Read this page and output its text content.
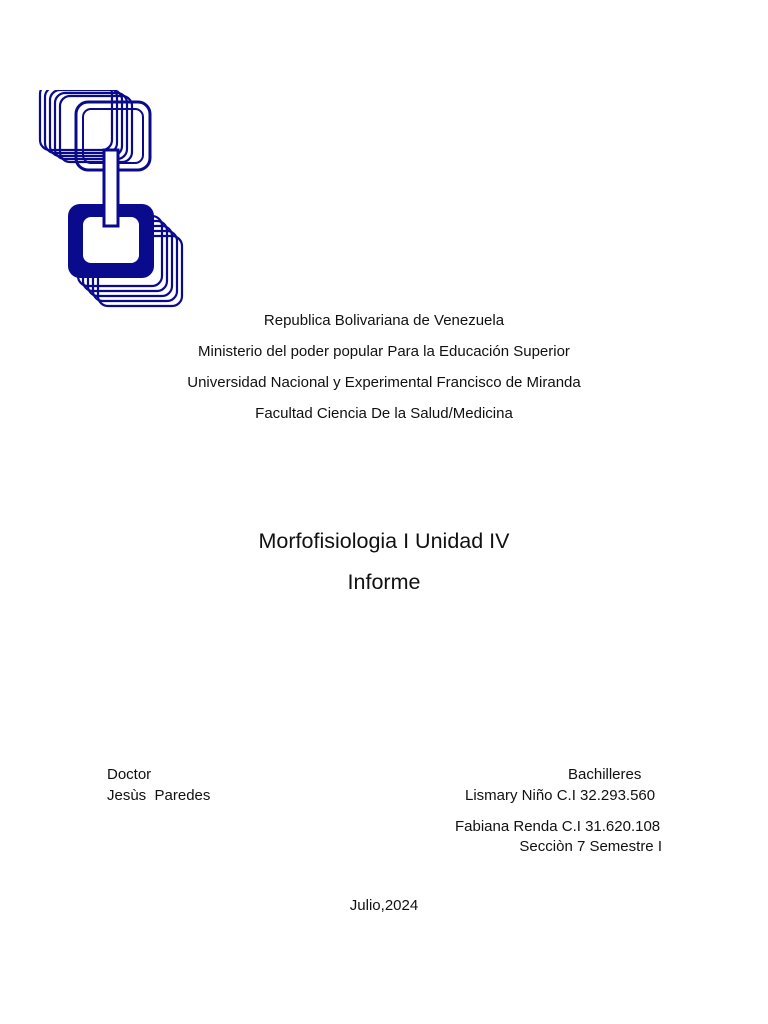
Republica Bolivariana de Venezuela
Ministerio del poder popular Para la Educación Superior
Universidad Nacional y Experimental Francisco de Miranda
Facultad Ciencia De la Salud/Medicina
Morfofisiologia I Unidad IV
Informe
Doctor
Jesùs  Paredes
Bachilleres
Lismary Niño C.I 32.293.560
Fabiana Renda C.I 31.620.108
Secciòn 7 Semestre I
Julio,2024
